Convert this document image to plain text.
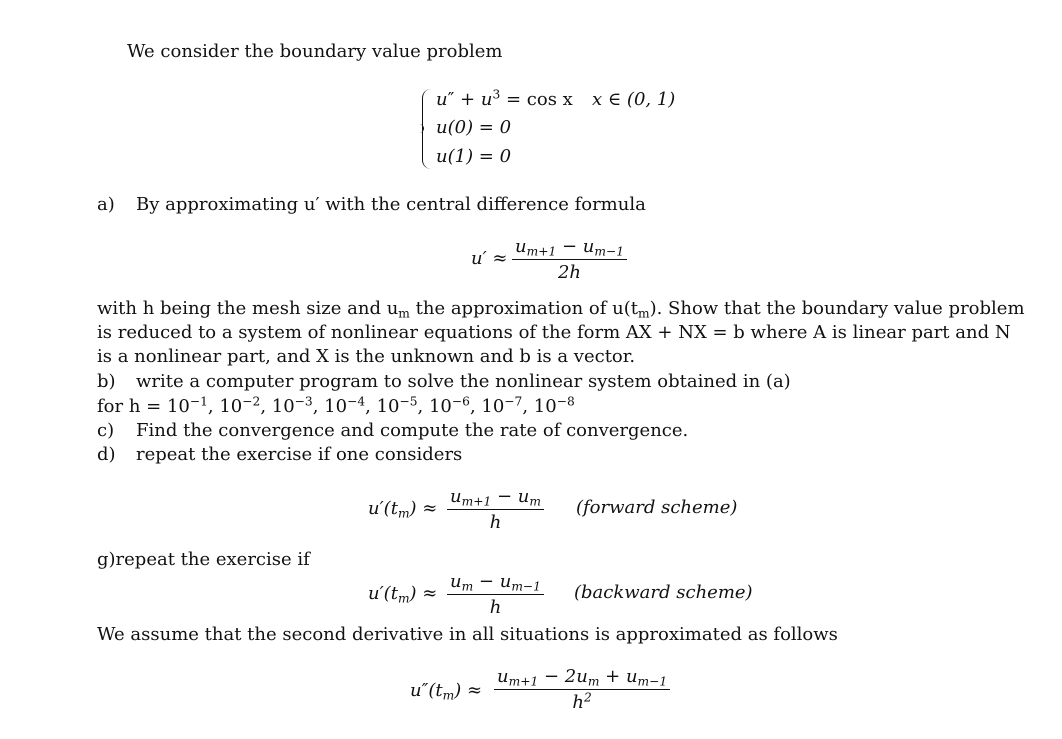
We consider the boundary value problem
$u'' + u^3 = \cos x$ x ∈ (0, 1)
u(0) = 0
u(1) = 0
a) By approximating u′ with the central difference formula
u′ ≈
$u_{m+1} - u_{m-1}$
2h
with h being the mesh size and $u_m$ the approximation of $u(t_m)$. Show that the boundary value problem
is reduced to a system of nonlinear equations of the form AX + NX = b where A is linear part and N
is a nonlinear part, and X is the unknown and b is a vector.
b) write a computer program to solve the nonlinear system obtained in (a)
for $h = 10^{-1}$, $10^{-2}$, $10^{-3}$, $10^{-4}$, $10^{-5}$, $10^{-6}$, $10^{-7}$, $10^{-8}$
c) Find the convergence and compute the rate of convergence.
d) repeat the exercise if one considers
$u'(t_m)$ ≈
$u_{m+1} - u_m$
h
(forward scheme)
g)repeat the exercise if
$u'(t_m)$ ≈
$u_m - u_{m-1}$
h
(backward scheme)
We assume that the second derivative in all situations is approximated as follows
$u''(t_m)$ ≈
$u_{m+1} - 2u_m + u_{m-1}$
$h^2$
